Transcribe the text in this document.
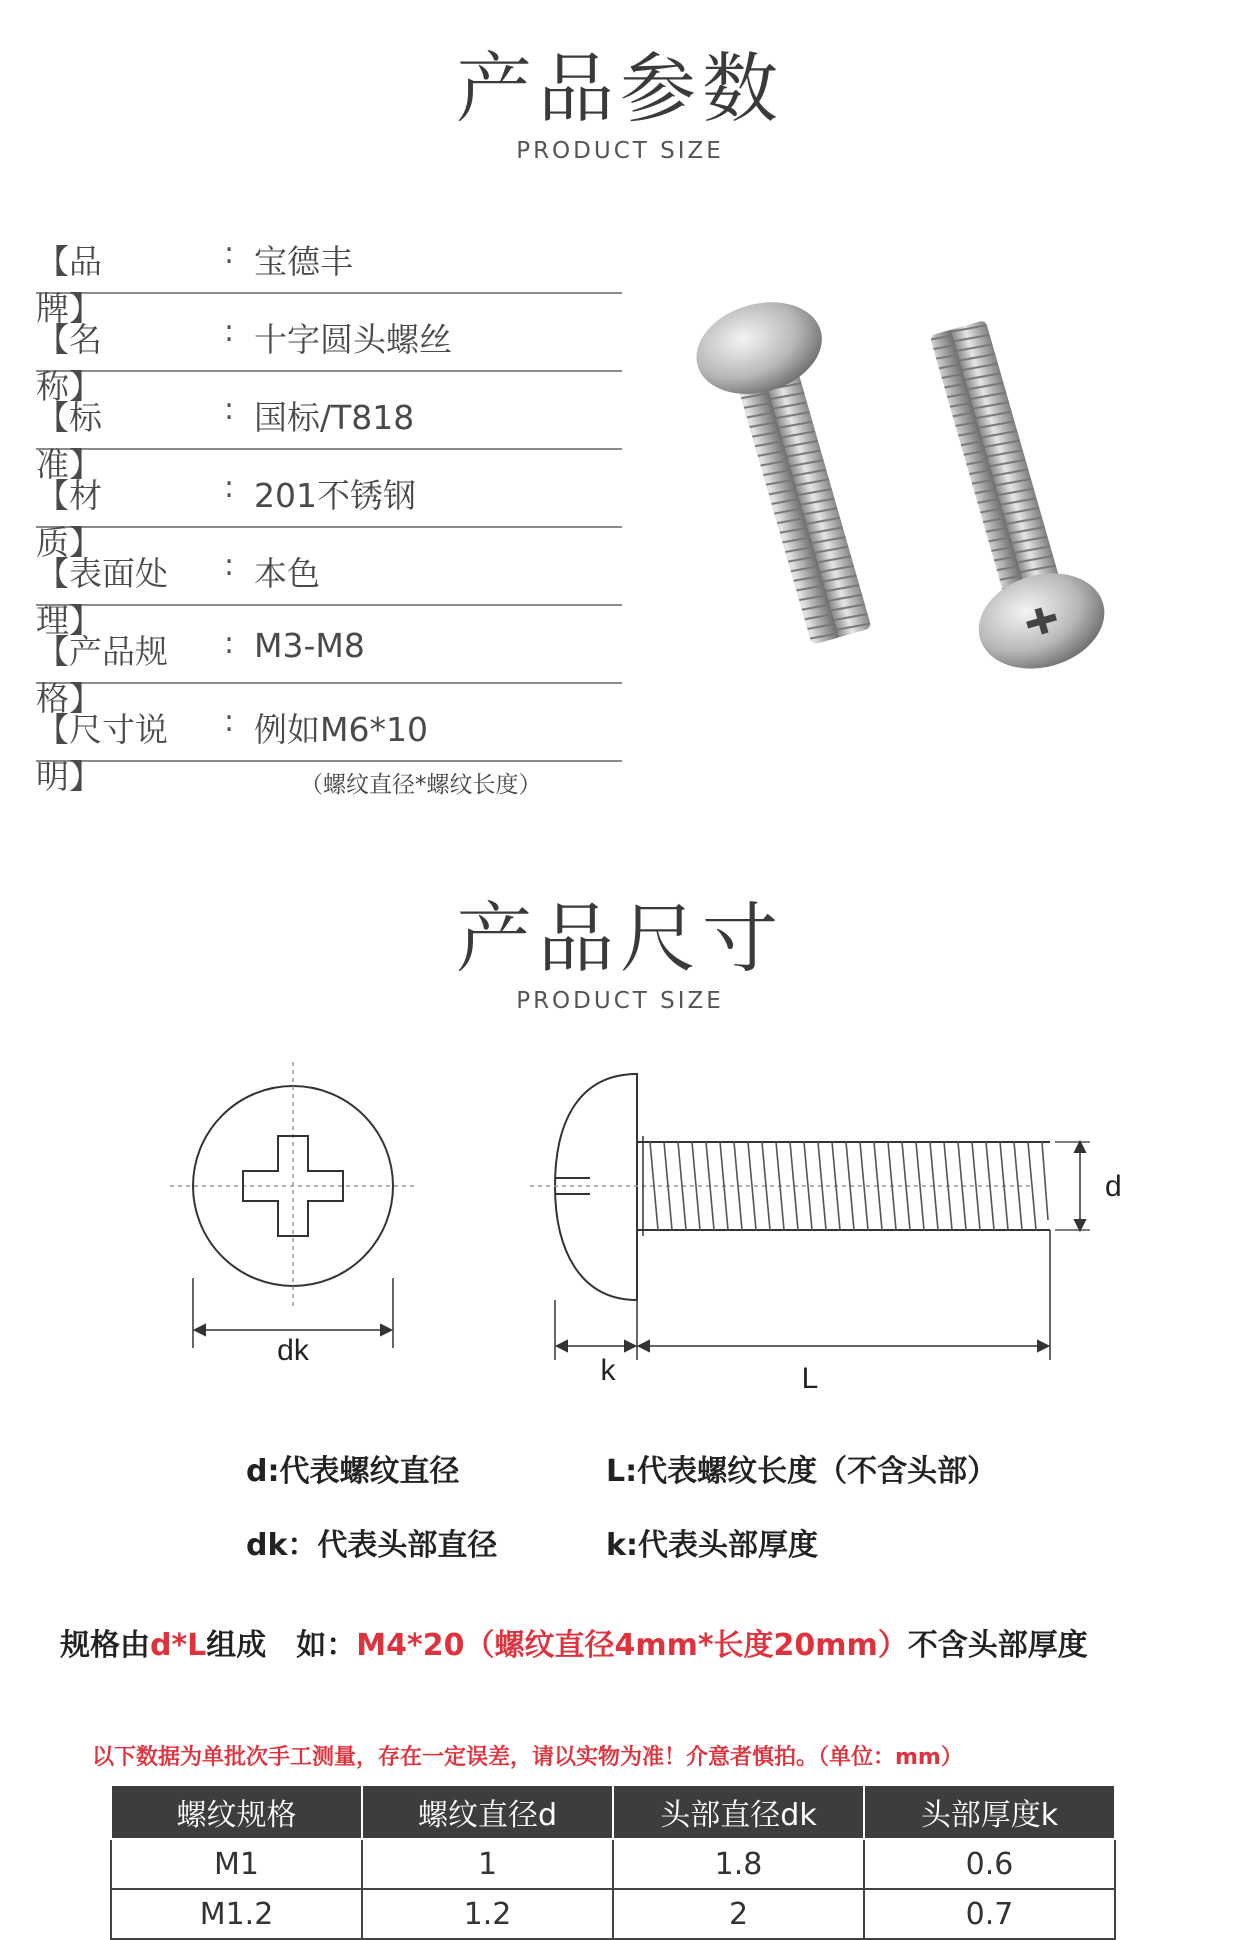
产品参数
PRODUCT SIZE
【品　　牌】
: 宝德丰
【名　　称】
: 十字圆头螺丝
【标　　准】
: 国标/T818
【材　　质】
: 201不锈钢
【表面处理】
: 本色
【产品规格】
: M3-M8
【尺寸说明】
: 例如M6*10
（螺纹直径*螺纹长度）
产品尺寸
PRODUCT SIZE
dk
d
k	L
d:代表螺纹直径	L:代表螺纹长度（不含头部）
dk：代表头部直径	k:代表头部厚度
规格由d*L组成　如：M4*20（螺纹直径4mm*长度20mm）不含头部厚度
以下数据为单批次手工测量，存在一定误差，请以实物为准！介意者慎拍。（单位：mm）
螺纹规格	螺纹直径d	头部直径dk	头部厚度k
M1	1	1.8	0.6
M1.2	1.2	2	0.7
